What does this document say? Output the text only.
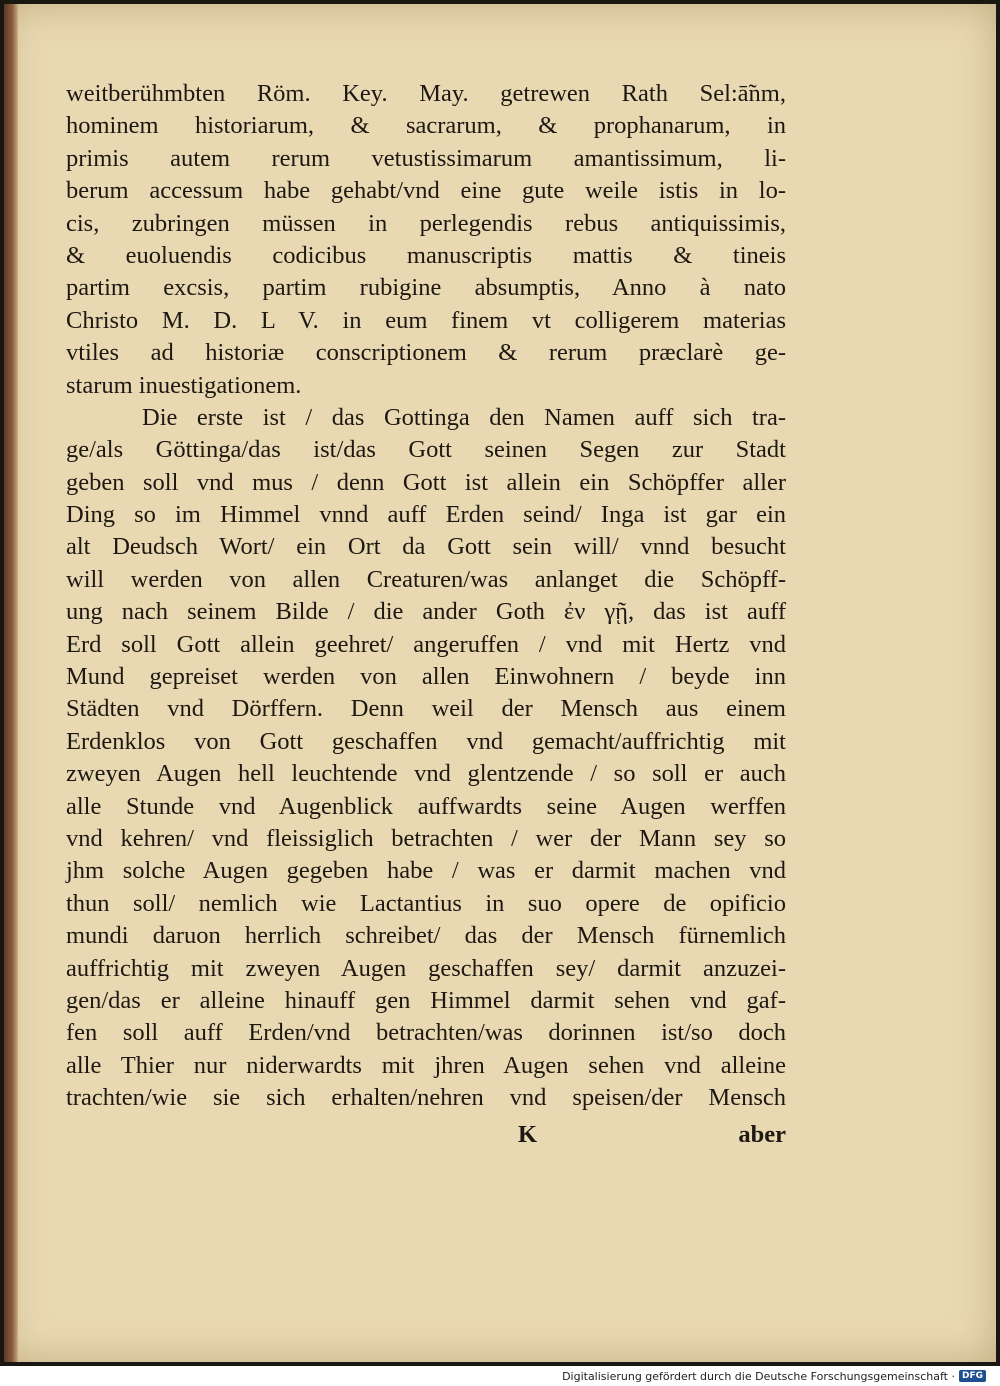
weitberühmbten Röm. Key. May. getrewen Rath Sel:ā̃nm,
hominem historiarum, & sacrarum, & prophanarum, in
primis autem rerum vetustissimarum amantissimum, li-
berum accessum habe gehabt/vnd eine gute weile istis in lo-
cis, zubringen müssen in perlegendis rebus antiquissimis,
& euoluendis codicibus manuscriptis mattis & tineis
partim excsis, partim rubigine absumptis, Anno à nato
Christo M. D. L V. in eum finem vt colligerem materias
vtiles ad historiæ conscriptionem & rerum præclarè ge-
starum inuestigationem.
Die erste ist / das Gottinga den Namen auff sich tra-
ge/als Göttinga/das ist/das Gott seinen Segen zur Stadt
geben soll vnd mus / denn Gott ist allein ein Schöpffer aller
Ding so im Himmel vnnd auff Erden seind/ Inga ist gar ein
alt Deudsch Wort/ ein Ort da Gott sein will/ vnnd besucht
will werden von allen Creaturen/was anlanget die Schöpff-
ung nach seinem Bilde / die ander Goth ἐν γῇ, das ist auff
Erd soll Gott allein geehret/ angeruffen / vnd mit Hertz vnd
Mund gepreiset werden von allen Einwohnern / beyde inn
Städten vnd Dörffern. Denn weil der Mensch aus einem
Erdenklos von Gott geschaffen vnd gemacht/auffrichtig mit
zweyen Augen hell leuchtende vnd glentzende / so soll er auch
alle Stunde vnd Augenblick auffwardts seine Augen werffen
vnd kehren/ vnd fleissiglich betrachten / wer der Mann sey so
jhm solche Augen gegeben habe / was er darmit machen vnd
thun soll/ nemlich wie Lactantius in suo opere de opificio
mundi daruon herrlich schreibet/ das der Mensch fürnemlich
auffrichtig mit zweyen Augen geschaffen sey/ darmit anzuzei-
gen/das er alleine hinauff gen Himmel darmit sehen vnd gaf-
fen soll auff Erden/vnd betrachten/was dorinnen ist/so doch
alle Thier nur niderwardts mit jhren Augen sehen vnd alleine
trachten/wie sie sich erhalten/nehren vnd speisen/der Mensch
K	aber
Digitalisierung gefördert durch die Deutsche Forschungsgemeinschaft · DFG
